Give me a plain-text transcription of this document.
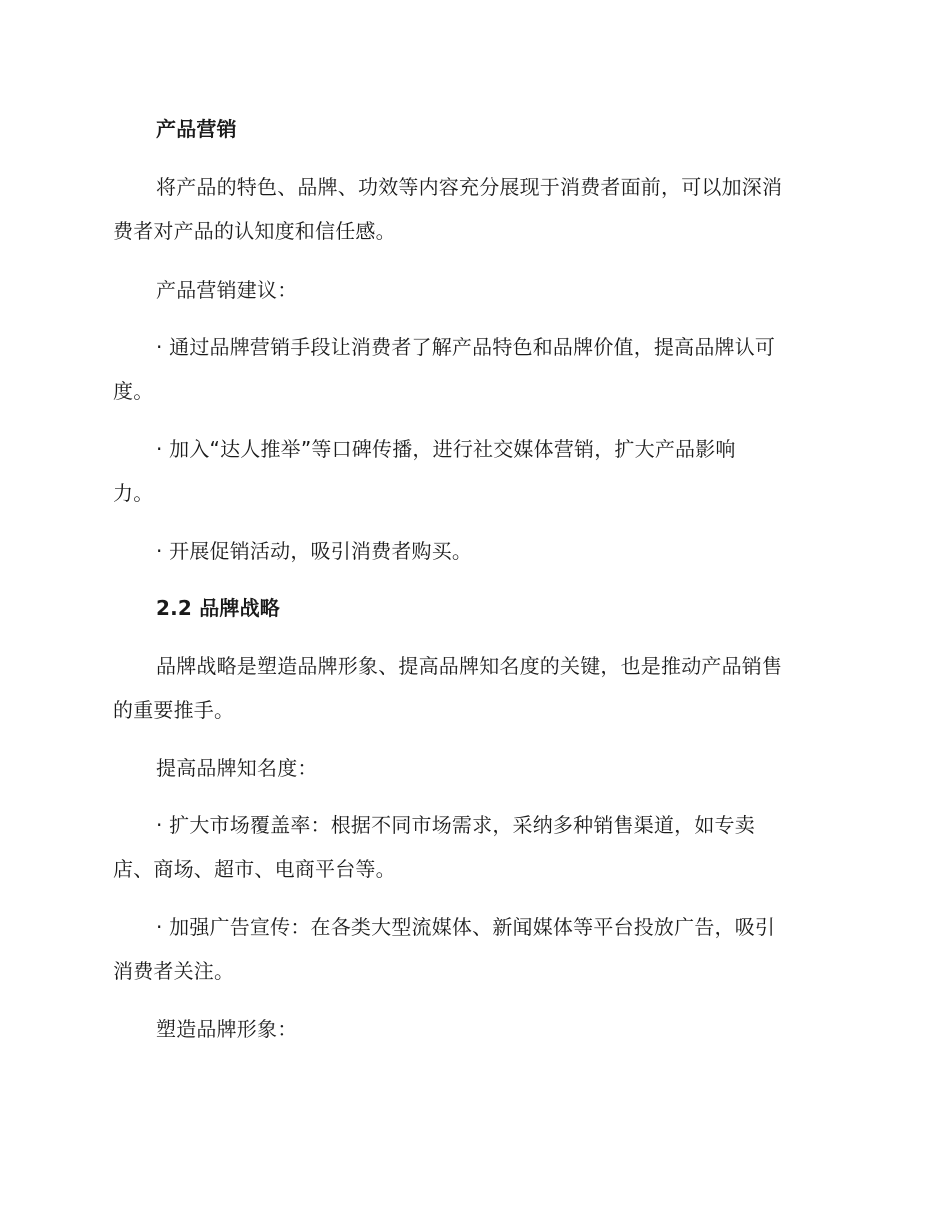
产品营销
将产品的特色、品牌、功效等内容充分展现于消费者面前，可以加深消
费者对产品的认知度和信任感。
产品营销建议：
· 通过品牌营销手段让消费者了解产品特色和品牌价值，提高品牌认可
度。
· 加入“达人推举”等口碑传播，进行社交媒体营销，扩大产品影响
力。
· 开展促销活动，吸引消费者购买。
2.2 品牌战略
品牌战略是塑造品牌形象、提高品牌知名度的关键，也是推动产品销售
的重要推手。
提高品牌知名度：
· 扩大市场覆盖率：根据不同市场需求，采纳多种销售渠道，如专卖
店、商场、超市、电商平台等。
· 加强广告宣传：在各类大型流媒体、新闻媒体等平台投放广告，吸引
消费者关注。
塑造品牌形象：
